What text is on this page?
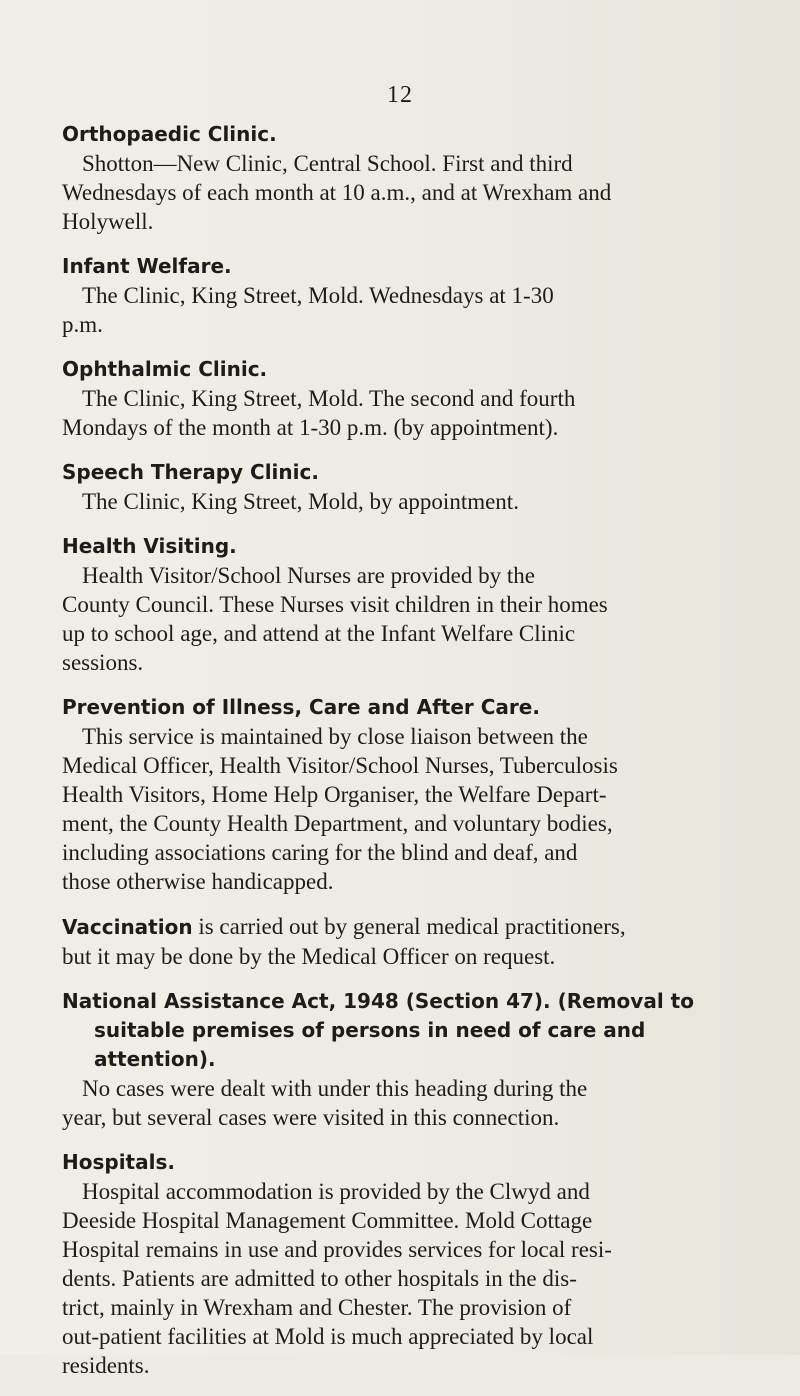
12
Orthopaedic Clinic.
Shotton—New Clinic, Central School. First and third
Wednesdays of each month at 10 a.m., and at Wrexham and
Holywell.
Infant Welfare.
The Clinic, King Street, Mold. Wednesdays at 1-30
p.m.
Ophthalmic Clinic.
The Clinic, King Street, Mold. The second and fourth
Mondays of the month at 1-30 p.m. (by appointment).
Speech Therapy Clinic.
The Clinic, King Street, Mold, by appointment.
Health Visiting.
Health Visitor/School Nurses are provided by the
County Council. These Nurses visit children in their homes
up to school age, and attend at the Infant Welfare Clinic
sessions.
Prevention of Illness, Care and After Care.
This service is maintained by close liaison between the
Medical Officer, Health Visitor/School Nurses, Tuberculosis
Health Visitors, Home Help Organiser, the Welfare Depart-
ment, the County Health Department, and voluntary bodies,
including associations caring for the blind and deaf, and
those otherwise handicapped.
Vaccination is carried out by general medical practitioners,
but it may be done by the Medical Officer on request.
National Assistance Act, 1948 (Section 47). (Removal to
suitable premises of persons in need of care and
attention).
No cases were dealt with under this heading during the
year, but several cases were visited in this connection.
Hospitals.
Hospital accommodation is provided by the Clwyd and
Deeside Hospital Management Committee. Mold Cottage
Hospital remains in use and provides services for local resi-
dents. Patients are admitted to other hospitals in the dis-
trict, mainly in Wrexham and Chester. The provision of
out-patient facilities at Mold is much appreciated by local
residents.
